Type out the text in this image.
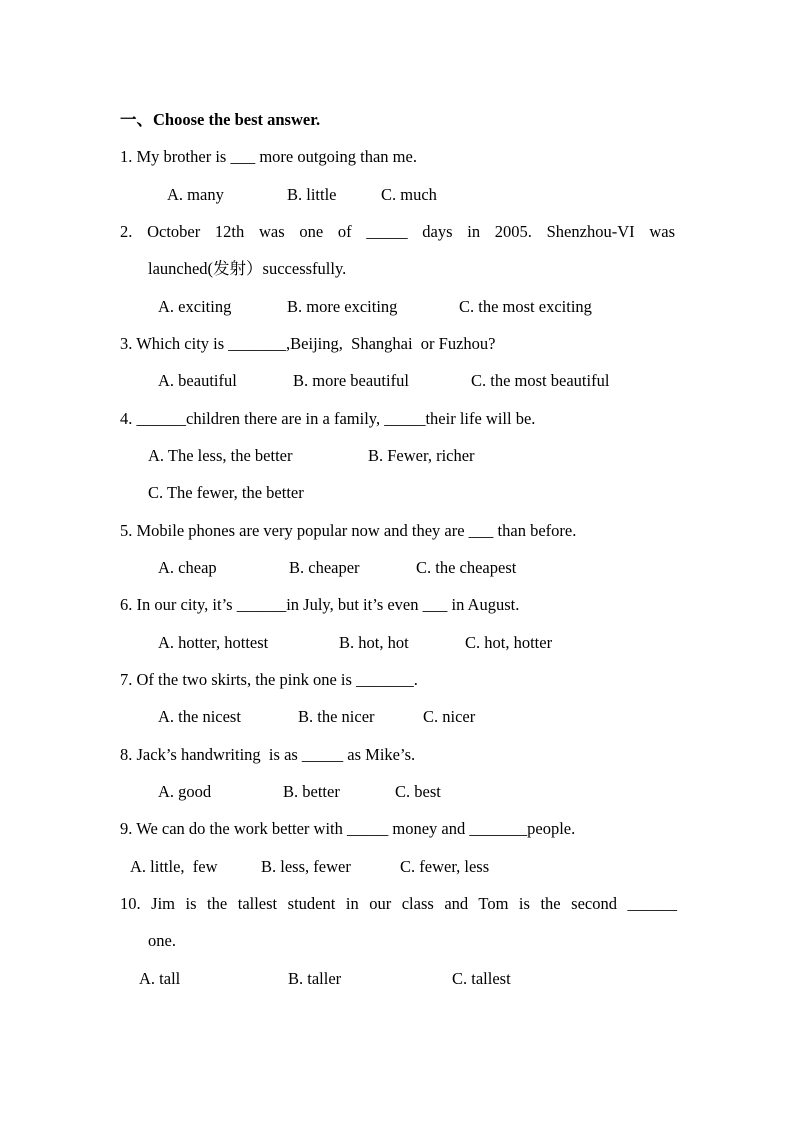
一、Choose the best answer.
1. My brother is ___ more outgoing than me.
A. many	B. little	C. much
2. October 12th was one of _____ days in 2005. Shenzhou-VI was
launched(发射）successfully.
A. exciting	B. more exciting	C. the most exciting
3. Which city is _______,Beijing,  Shanghai  or Fuzhou?
A. beautiful	B. more beautiful	C. the most beautiful
4. ______children there are in a family, _____their life will be.
A. The less, the better	B. Fewer, richer
C. The fewer, the better
5. Mobile phones are very popular now and they are ___ than before.
A. cheap	B. cheaper	C. the cheapest
6. In our city, it’s ______in July, but it’s even ___ in August.
A. hotter, hottest	B. hot, hot	C. hot, hotter
7. Of the two skirts, the pink one is _______.
A. the nicest	B. the nicer	C. nicer
8. Jack’s handwriting  is as _____ as Mike’s.
A. good	B. better	C. best
9. We can do the work better with _____ money and _______people.
A. little,  few	B. less, fewer	C. fewer, less
10. Jim is the tallest student in our class and Tom is the second ______
one.
A. tall	B. taller	C. tallest
